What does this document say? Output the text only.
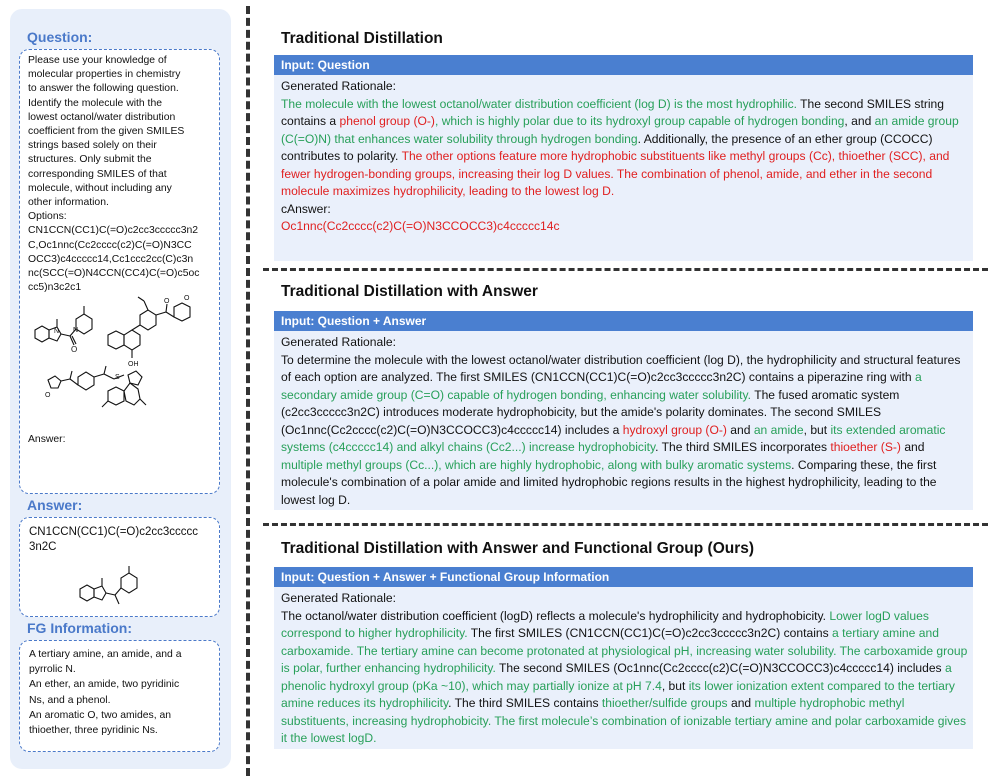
Question:

Please use your knowledge of

molecular properties in chemistry

to answer the following question.

Identify the molecule with the

lowest octanol/water distribution

coefficient from the given SMILES

strings based solely on their

structures. Only submit the

corresponding SMILES of that

molecule, without including any

other information.

Options:

CN1CCN(CC1)C(=O)c2cc3ccccc3n2

C,Oc1nnc(Cc2cccc(c2)C(=O)N3CC

OCC3)c4ccccc14,Cc1ccc2cc(C)c3n

nc(SCC(=O)N4CCN(CC4)C(=O)c5oc

cc5)n3c2c1

O
N
N
OH
O O
O
S
Answer:
Answer:
CN1CCN(CC1)C(=O)c2cc3ccccc
3n2C
FG Information:

A tertiary amine, an amide, and a

pyrrolic N.

An ether, an amide, two pyridinic

Ns, and a phenol.

An aromatic O, two amides, an

thioether, three pyridinic Ns.

Traditional Distillation
Input: Question

Generated Rationale:

The molecule with the lowest octanol/water distribution coefficient (log D) is the most hydrophilic. The second SMILES string contains a phenol group (O-), which is highly polar due to its hydroxyl group capable of hydrogen bonding, and an amide group (C(=O)N) that enhances water solubility through hydrogen bonding. Additionally, the presence of an ether group (CCOCC) contributes to polarity. The other options feature more hydrophobic substituents like methyl groups (Cc), thioether (SCC), and fewer hydrogen-bonding groups, increasing their log D values. The combination of phenol, amide, and ether in the second molecule maximizes hydrophilicity, leading to the lowest log D.

cAnswer:

Oc1nnc(Cc2cccc(c2)C(=O)N3CCOCC3)c4ccccc14c

Traditional Distillation with Answer
Input: Question + Answer

Generated Rationale:

To determine the molecule with the lowest octanol/water distribution coefficient (log D), the hydrophilicity and structural features of each option are analyzed. The first SMILES (CN1CCN(CC1)C(=O)c2cc3ccccc3n2C) contains a piperazine ring with a secondary amide group (C=O) capable of hydrogen bonding, enhancing water solubility. The fused aromatic system (c2cc3ccccc3n2C) introduces moderate hydrophobicity, but the amide's polarity dominates. The second SMILES (Oc1nnc(Cc2cccc(c2)C(=O)N3CCOCC3)c4ccccc14) includes a hydroxyl group (O-) and an amide, but its extended aromatic systems (c4ccccc14) and alkyl chains (Cc2...) increase hydrophobicity. The third SMILES incorporates thioether (S-) and multiple methyl groups (Cc...), which are highly hydrophobic, along with bulky aromatic systems. Comparing these, the first molecule's combination of a polar amide and limited hydrophobic regions results in the highest hydrophilicity, leading to the lowest log D.

Traditional Distillation with Answer and Functional Group (Ours)
Input: Question + Answer + Functional Group Information

Generated Rationale:

The octanol/water distribution coefficient (logD) reflects a molecule's hydrophilicity and hydrophobicity. Lower logD values correspond to higher hydrophilicity. The first SMILES (CN1CCN(CC1)C(=O)c2cc3ccccc3n2C) contains a tertiary amine and carboxamide. The tertiary amine can become protonated at physiological pH, increasing water solubility. The carboxamide group is polar, further enhancing hydrophilicity. The second SMILES (Oc1nnc(Cc2cccc(c2)C(=O)N3CCOCC3)c4ccccc14) includes a phenolic hydroxyl group (pKa ~10), which may partially ionize at pH 7.4, but its lower ionization extent compared to the tertiary amine reduces its hydrophilicity. The third SMILES contains thioether/sulfide groups and multiple hydrophobic methyl substituents, increasing hydrophobicity. The first molecule’s combination of ionizable tertiary amine and polar carboxamide gives it the lowest logD.
